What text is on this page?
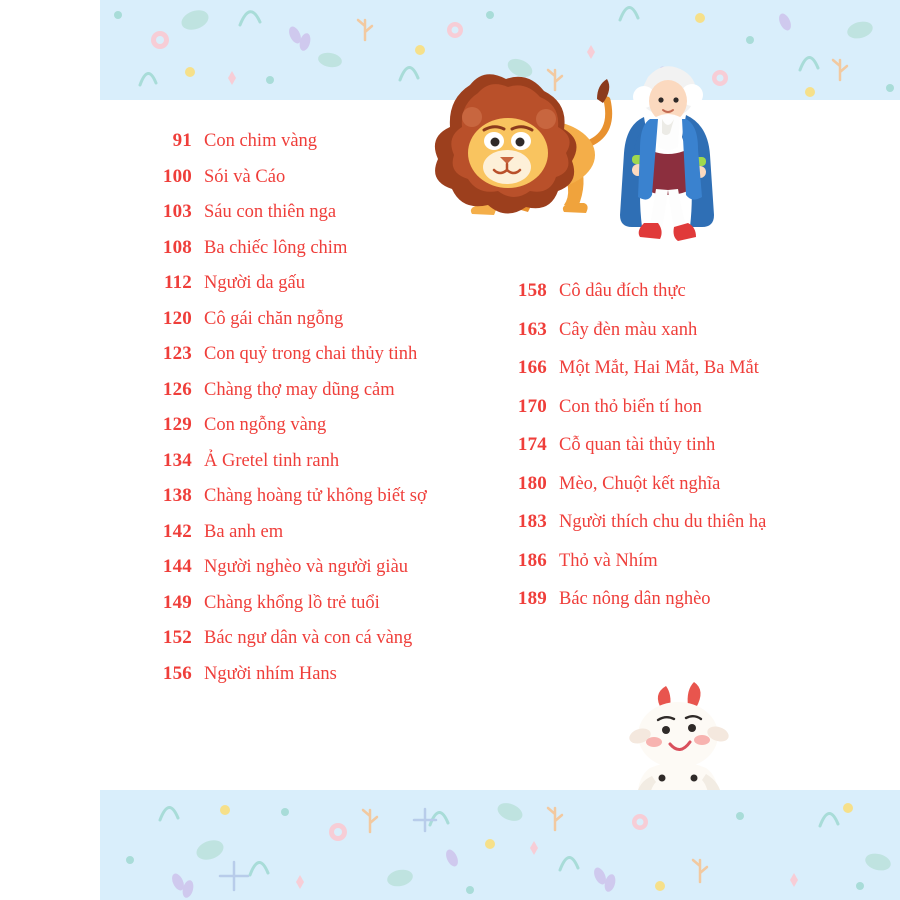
91 Con chim vàng
100 Sói và Cáo
103 Sáu con thiên nga
108 Ba chiếc lông chim
112 Người da gấu
120 Cô gái chăn ngỗng
123 Con quỷ trong chai thủy tinh
126 Chàng thợ may dũng cảm
129 Con ngỗng vàng
134 Ả Gretel tinh ranh
138 Chàng hoàng tử không biết sợ
142 Ba anh em
144 Người nghèo và người giàu
149 Chàng khổng lồ trẻ tuổi
152 Bác ngư dân và con cá vàng
156 Người nhím Hans
158 Cô dâu đích thực
163 Cây đèn màu xanh
166 Một Mắt, Hai Mắt, Ba Mắt
170 Con thỏ biển tí hon
174 Cỗ quan tài thủy tinh
180 Mèo, Chuột kết nghĩa
183 Người thích chu du thiên hạ
186 Thỏ và Nhím
189 Bác nông dân nghèo
